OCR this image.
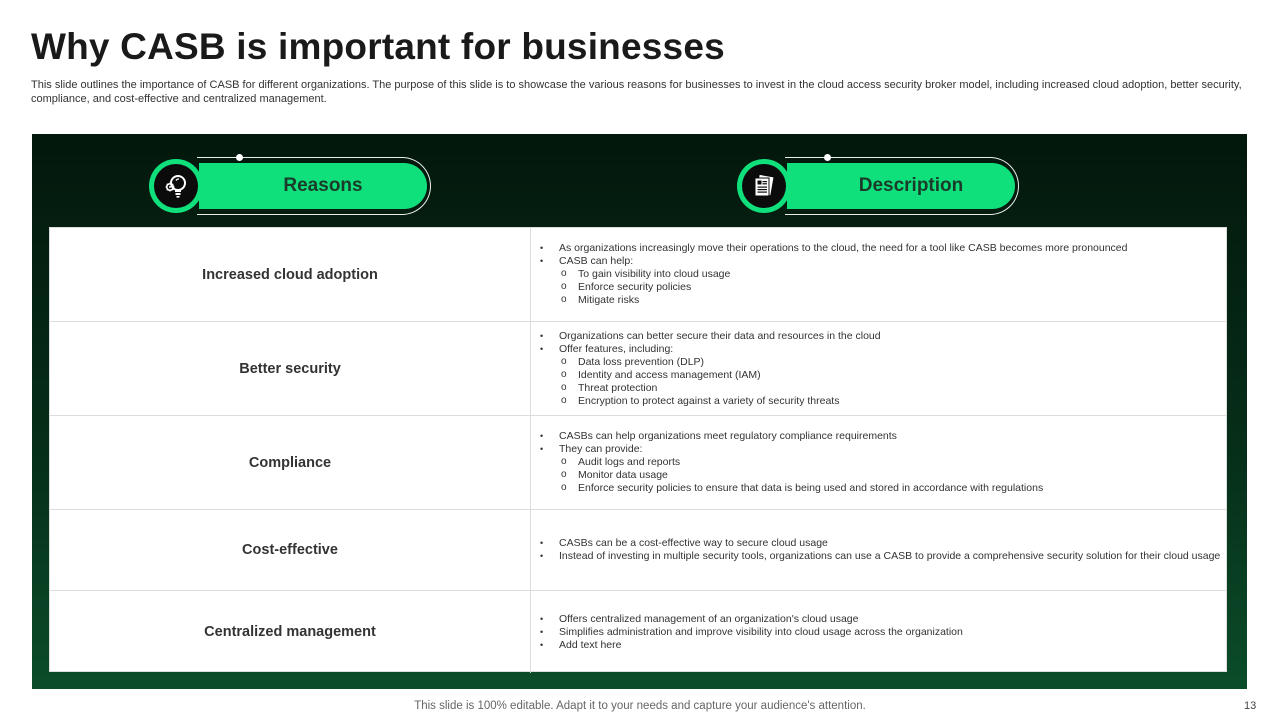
Why CASB is important for businesses
This slide outlines the importance of CASB for different organizations. The purpose of this slide is to showcase the various reasons for businesses to invest in the cloud access security broker model, including increased cloud adoption, better security, compliance, and cost-effective and centralized management.
Reasons	Description
Increased cloud adoption
• As organizations increasingly move their operations to the cloud, the need for a tool like CASB becomes more pronounced
• CASB can help:
o To gain visibility into cloud usage
o Enforce security policies
o Mitigate risks
Better security
• Organizations can better secure their data and resources in the cloud
• Offer features, including:
o Data loss prevention (DLP)
o Identity and access management (IAM)
o Threat protection
o Encryption to protect against a variety of security threats
Compliance
• CASBs can help organizations meet regulatory compliance requirements
• They can provide:
o Audit logs and reports
o Monitor data usage
o Enforce security policies to ensure that data is being used and stored in accordance with regulations
Cost-effective
•	CASBs can be a cost-effective way to secure cloud usage
• Instead of investing in multiple security tools, organizations can use a CASB to provide a comprehensive security solution for their cloud usage
Centralized management
• Offers centralized management of an organization's cloud usage
• Simplifies administration and improve visibility into cloud usage across the organization
• Add text here
This slide is 100% editable. Adapt it to your needs and capture your audience's attention.	13
